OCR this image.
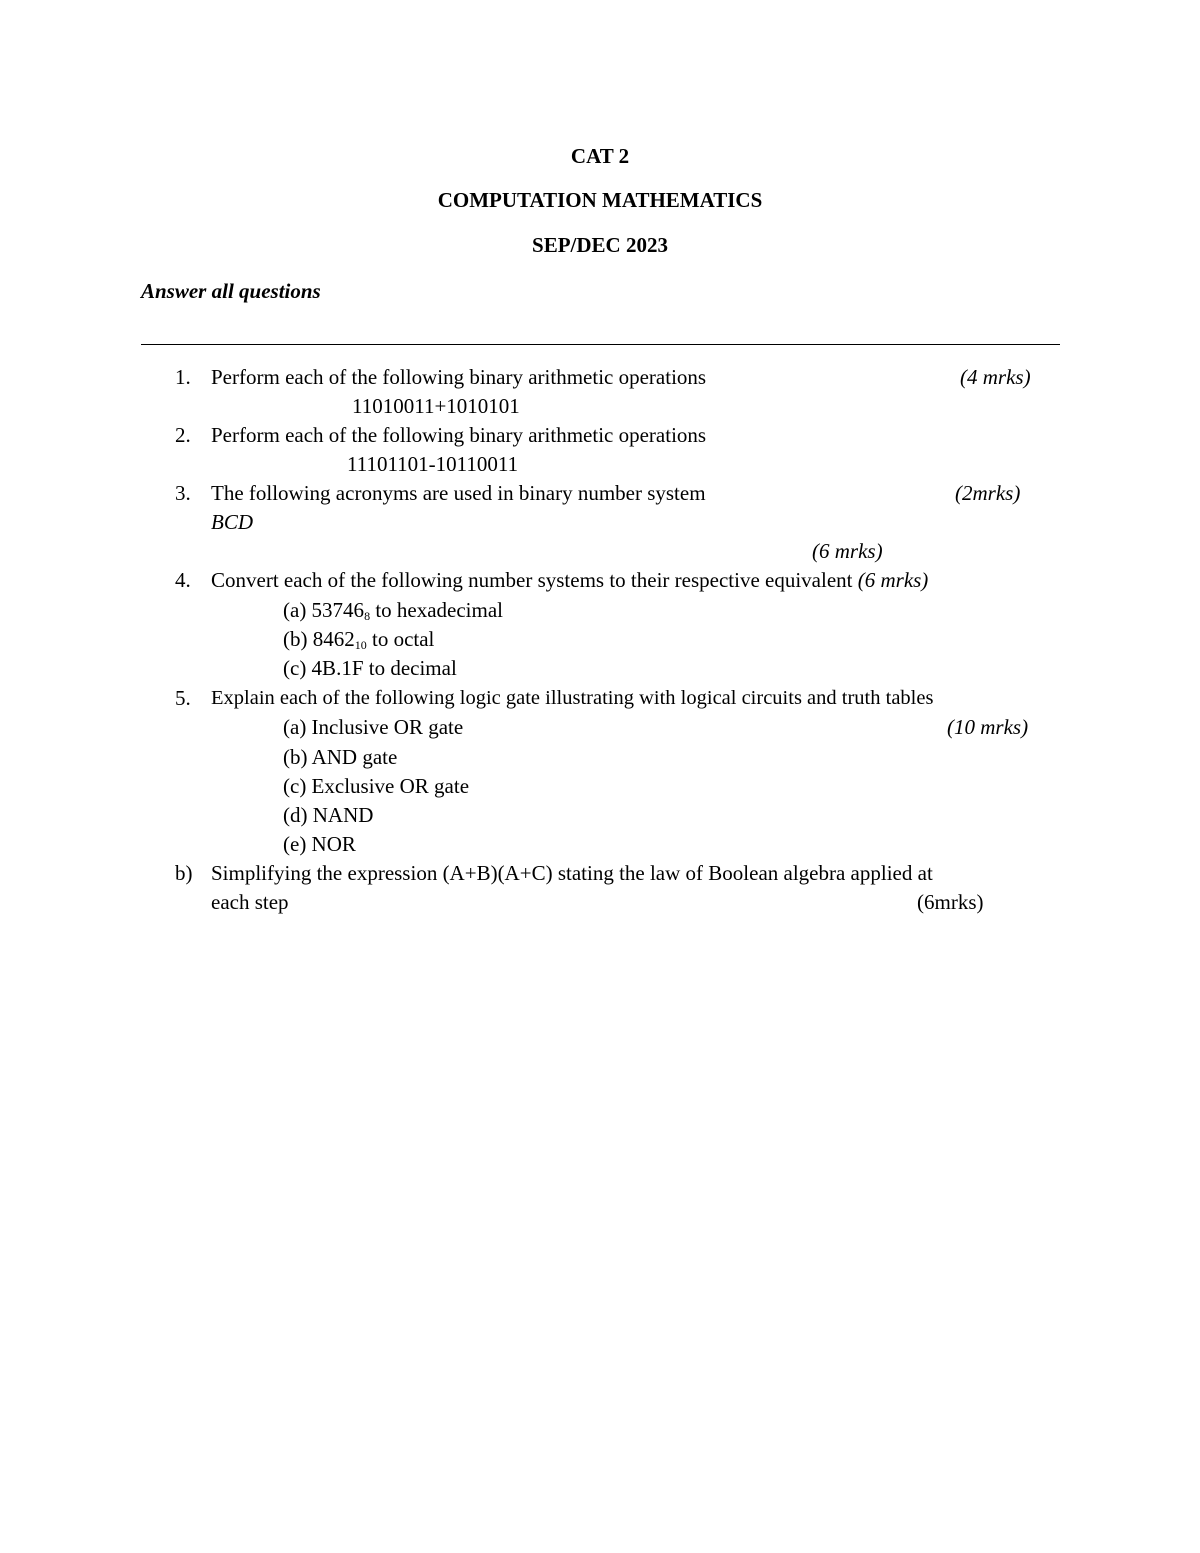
CAT 2
COMPUTATION MATHEMATICS
SEP/DEC 2023
Answer all questions
1. Perform each of the following binary arithmetic operations	(4 mrks)
11010011+1010101
2. Perform each of the following binary arithmetic operations
11101101-10110011
3. The following acronyms are used in binary number system	(2mrks)
BCD
(6 mrks)
4. Convert each of the following number systems to their respective equivalent (6 mrks)
(a) $53746_8$ to hexadecimal
(b) $8462_{10}$ to octal
(c) 4B.1F to decimal
5. Explain each of the following logic gate illustrating with logical circuits and truth tables
(a) Inclusive OR gate	(10 mrks)
(b) AND gate
(c) Exclusive OR gate
(d) NAND
(e) NOR
b) Simplifying the expression (A+B)(A+C) stating the law of Boolean algebra applied at
each step	(6mrks)
